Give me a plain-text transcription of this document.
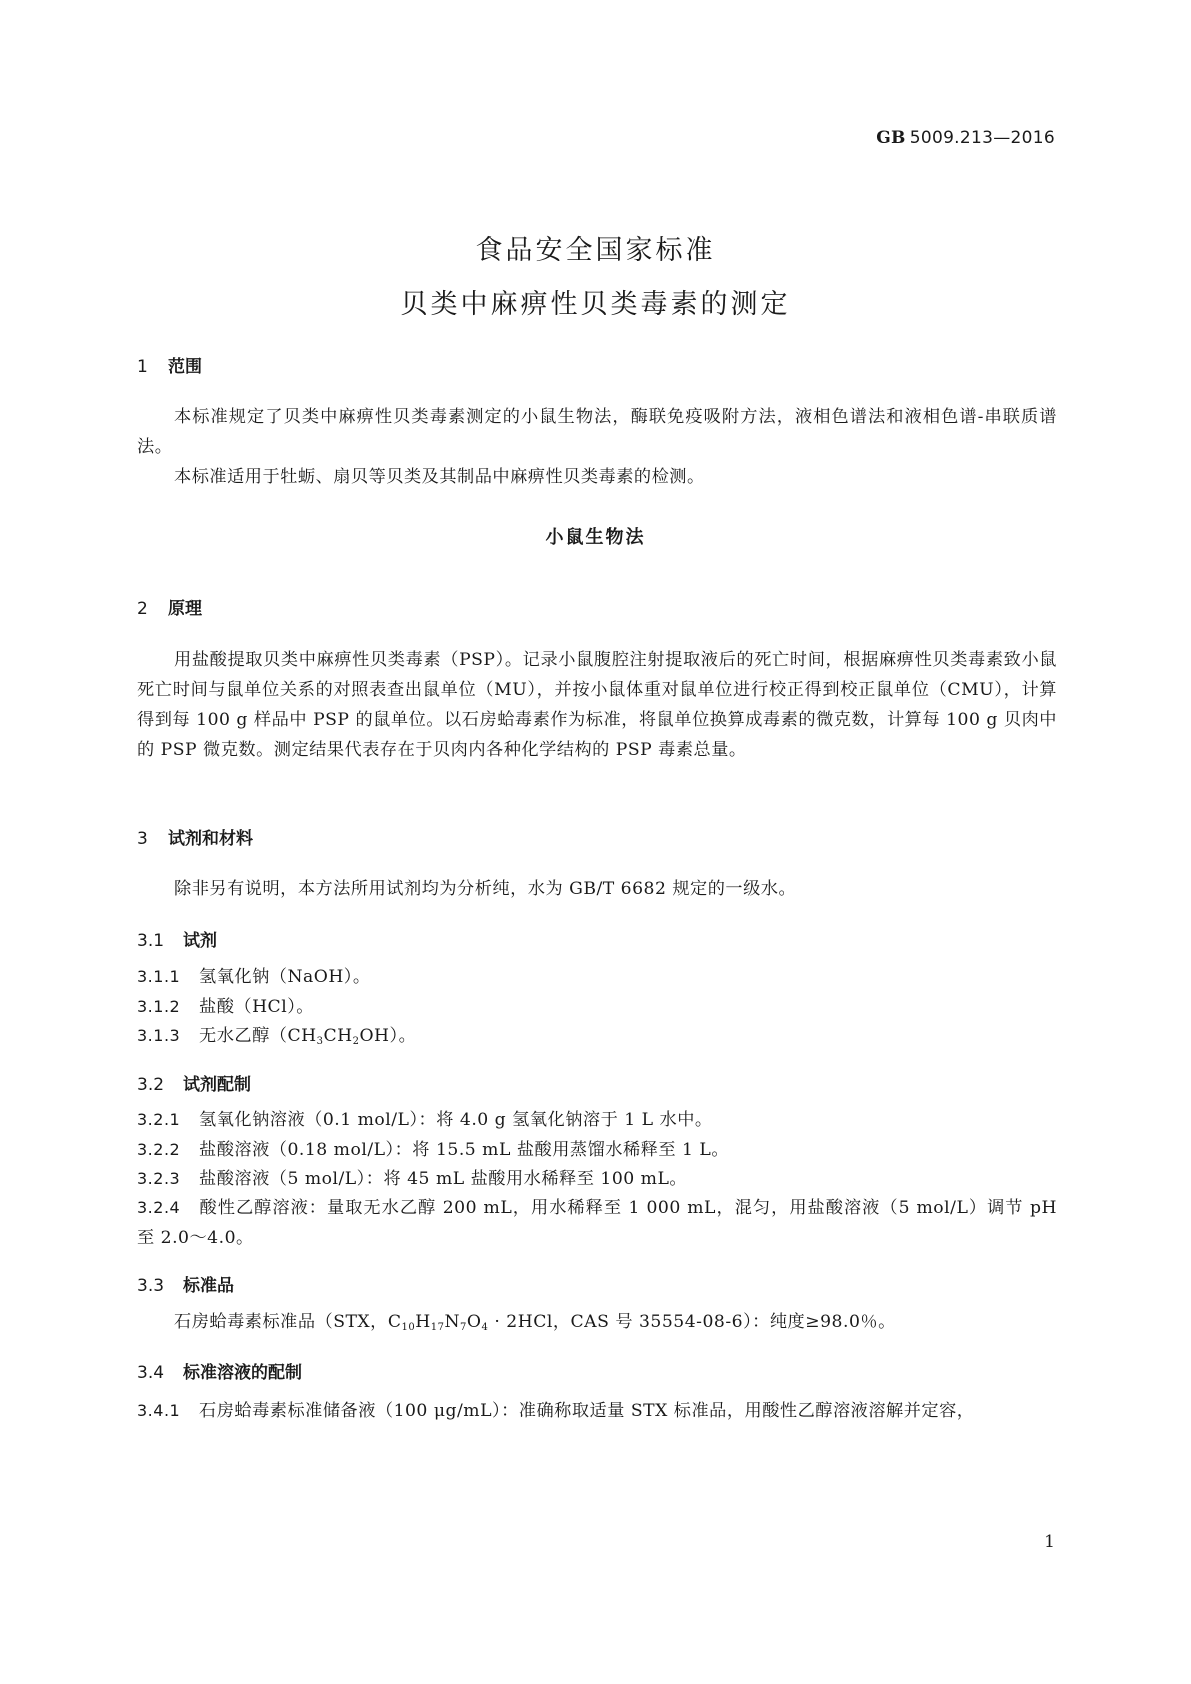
GB 5009.213—2016
食品安全国家标准
贝类中麻痹性贝类毒素的测定
1 范围
本标准规定了贝类中麻痹性贝类毒素测定的小鼠生物法，酶联免疫吸附方法，液相色谱法和液相色谱-串联质谱法。
本标准适用于牡蛎、扇贝等贝类及其制品中麻痹性贝类毒素的检测。
小鼠生物法
2 原理
用盐酸提取贝类中麻痹性贝类毒素（PSP）。记录小鼠腹腔注射提取液后的死亡时间，根据麻痹性贝类毒素致小鼠死亡时间与鼠单位关系的对照表查出鼠单位（MU），并按小鼠体重对鼠单位进行校正得到校正鼠单位（CMU），计算得到每 100 g 样品中 PSP 的鼠单位。以石房蛤毒素作为标准，将鼠单位换算成毒素的微克数，计算每 100 g 贝肉中的 PSP 微克数。测定结果代表存在于贝肉内各种化学结构的 PSP 毒素总量。
3 试剂和材料
除非另有说明，本方法所用试剂均为分析纯，水为 GB/T 6682 规定的一级水。
3.1 试剂
3.1.1 氢氧化钠（NaOH）。
3.1.2 盐酸（HCl）。
3.1.3 无水乙醇$(CH_3CH_2OH)$。
3.2 试剂配制
3.2.1 氢氧化钠溶液（0.1 mol/L）：将 4.0 g 氢氧化钠溶于 1 L 水中。
3.2.2 盐酸溶液（0.18 mol/L）：将 15.5 mL 盐酸用蒸馏水稀释至 1 L。
3.2.3 盐酸溶液（5 mol/L）：将 45 mL 盐酸用水稀释至 100 mL。
3.2.4 酸性乙醇溶液：量取无水乙醇 200 mL，用水稀释至 1 000 mL，混匀，用盐酸溶液（5 mol/L）调节 pH 至 2.0～4.0。
3.3 标准品
石房蛤毒素标准品（STX，$C_{10}H_{17}N_7O_4 \cdot 2HCl$，CAS 号 35554-08-6）：纯度≥98.0％。
3.4 标准溶液的配制
3.4.1 石房蛤毒素标准储备液（100 μg/mL）：准确称取适量 STX 标准品，用酸性乙醇溶液溶解并定容，
1
